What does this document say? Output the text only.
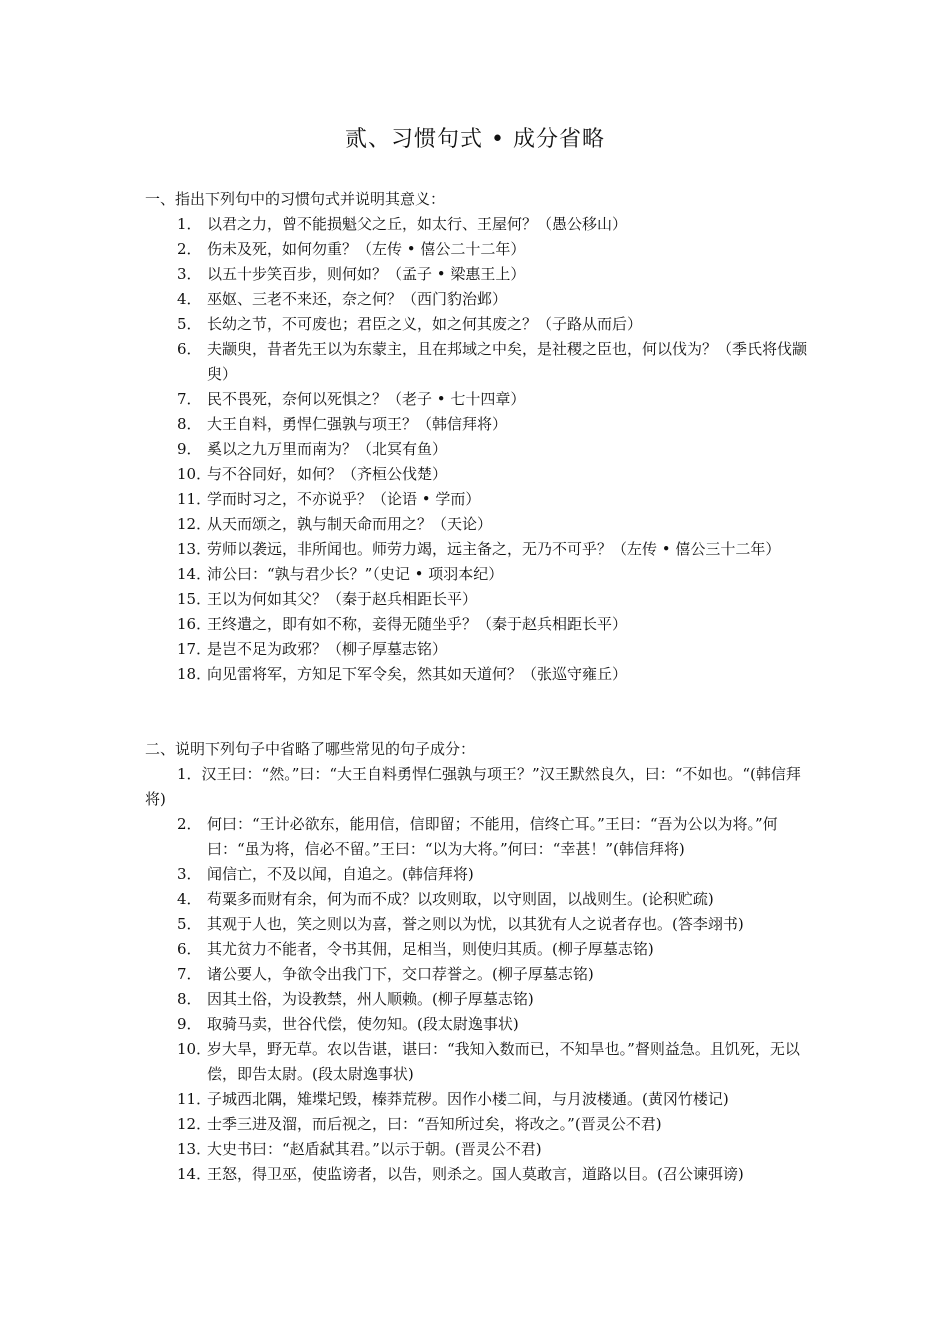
贰、习惯句式 • 成分省略
一、指出下列句中的习惯句式并说明其意义：
1． 以君之力，曾不能损魁父之丘，如太行、王屋何？（愚公移山）
2． 伤未及死，如何勿重？（左传 • 僖公二十二年）
3． 以五十步笑百步，则何如？（孟子 • 梁惠王上）
4． 巫妪、三老不来还，奈之何？（西门豹治邺）
5． 长幼之节，不可废也；君臣之义，如之何其废之？（子路从而后）
6． 夫颛臾，昔者先王以为东蒙主，且在邦域之中矣，是社稷之臣也，何以伐为？（季氏将伐颛臾）
7． 民不畏死，奈何以死惧之？（老子 • 七十四章）
8． 大王自料，勇悍仁强孰与项王？（韩信拜将）
9． 奚以之九万里而南为？（北冥有鱼）
10．
与不谷同好，如何？（齐桓公伐楚）
11．
学而时习之，不亦说乎？（论语 • 学而）
12．
从天而颂之，孰与制天命而用之？（天论）
13．
劳师以袭远，非所闻也。师劳力竭，远主备之，无乃不可乎？（左传 • 僖公三十二年）
14．
沛公曰：“孰与君少长？”（史记 • 项羽本纪）
15．
王以为何如其父？（秦于赵兵相距长平）
16．
王终遣之，即有如不称，妾得无随坐乎？（秦于赵兵相距长平）
17．
是岂不足为政邪？（柳子厚墓志铭）
18．
向见雷将军，方知足下军令矣，然其如天道何？（张巡守雍丘）
二、说明下列句子中省略了哪些常见的句子成分：
1．汉王曰：“然。”曰：“大王自料勇悍仁强孰与项王？”汉王默然良久，曰：“不如也。“(韩信拜将)
2． 何曰：“王计必欲东，能用信，信即留；不能用，信终亡耳。”王曰：“吾为公以为将。”何曰：“虽为将，信必不留。”王曰：“以为大将。”何曰：“幸甚！”(韩信拜将)
3． 闻信亡，不及以闻，自追之。(韩信拜将)
4． 苟粟多而财有余，何为而不成？以攻则取，以守则固，以战则生。(论积贮疏)
5． 其观于人也，笑之则以为喜，誉之则以为忧，以其犹有人之说者存也。(答李翊书)
6． 其尤贫力不能者，令书其佣，足相当，则使归其质。(柳子厚墓志铭)
7． 诸公要人，争欲令出我门下，交口荐誉之。(柳子厚墓志铭)
8． 因其土俗，为设教禁，州人顺赖。(柳子厚墓志铭)
9． 取骑马卖，世谷代偿，使勿知。(段太尉逸事状)
10．
岁大旱，野无草。农以告谌，谌曰：“我知入数而已，不知旱也。”督则益急。且饥死，无以偿，即告太尉。(段太尉逸事状)
11．
子城西北隅，雉堞圮毁，榛莽荒秽。因作小楼二间，与月波楼通。(黄冈竹楼记)
12．
士季三进及溜，而后视之，曰：“吾知所过矣，将改之。”(晋灵公不君)
13．
大史书曰：“赵盾弑其君。”以示于朝。(晋灵公不君)
14．
王怒，得卫巫，使监谤者，以告，则杀之。国人莫敢言，道路以目。(召公谏弭谤)
